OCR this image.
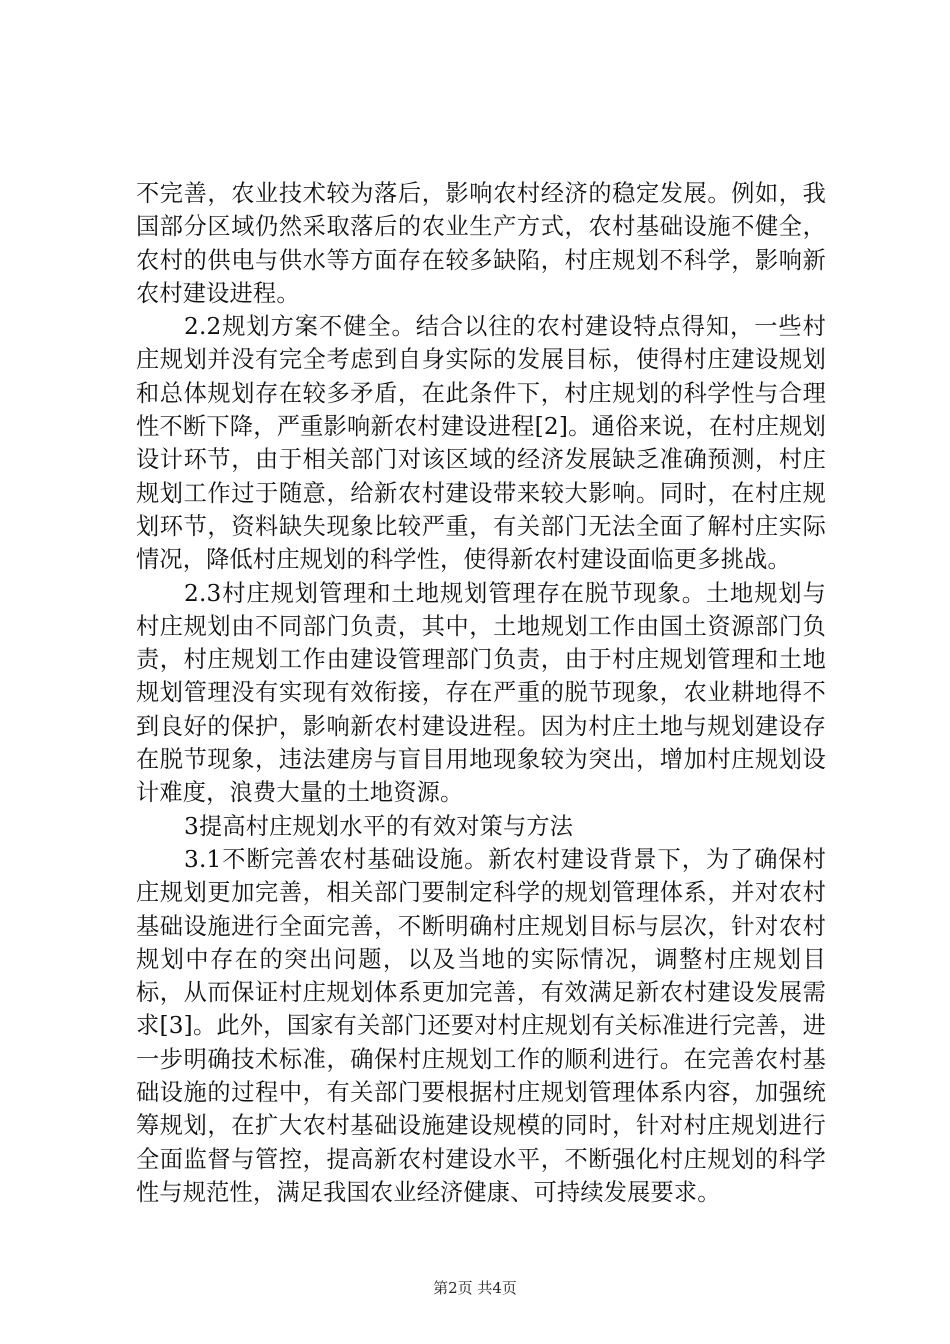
不完善，农业技术较为落后，影响农村经济的稳定发展。例如，我国部分区域仍然采取落后的农业生产方式，农村基础设施不健全，农村的供电与供水等方面存在较多缺陷，村庄规划不科学，影响新农村建设进程。

2.2规划方案不健全。结合以往的农村建设特点得知，一些村庄规划并没有完全考虑到自身实际的发展目标，使得村庄建设规划和总体规划存在较多矛盾，在此条件下，村庄规划的科学性与合理性不断下降，严重影响新农村建设进程[2]。通俗来说，在村庄规划设计环节，由于相关部门对该区域的经济发展缺乏准确预测，村庄规划工作过于随意，给新农村建设带来较大影响。同时，在村庄规划环节，资料缺失现象比较严重，有关部门无法全面了解村庄实际情况，降低村庄规划的科学性，使得新农村建设面临更多挑战。

2.3村庄规划管理和土地规划管理存在脱节现象。土地规划与村庄规划由不同部门负责，其中，土地规划工作由国土资源部门负责，村庄规划工作由建设管理部门负责，由于村庄规划管理和土地规划管理没有实现有效衔接，存在严重的脱节现象，农业耕地得不到良好的保护，影响新农村建设进程。因为村庄土地与规划建设存在脱节现象，违法建房与盲目用地现象较为突出，增加村庄规划设计难度，浪费大量的土地资源。

3提高村庄规划水平的有效对策与方法

3.1不断完善农村基础设施。新农村建设背景下，为了确保村庄规划更加完善，相关部门要制定科学的规划管理体系，并对农村基础设施进行全面完善，不断明确村庄规划目标与层次，针对农村规划中存在的突出问题，以及当地的实际情况，调整村庄规划目标，从而保证村庄规划体系更加完善，有效满足新农村建设发展需求[3]。此外，国家有关部门还要对村庄规划有关标准进行完善，进一步明确技术标准，确保村庄规划工作的顺利进行。在完善农村基础设施的过程中，有关部门要根据村庄规划管理体系内容，加强统筹规划，在扩大农村基础设施建设规模的同时，针对村庄规划进行全面监督与管控，提高新农村建设水平，不断强化村庄规划的科学性与规范性，满足我国农业经济健康、可持续发展要求。

第2页 共4页
